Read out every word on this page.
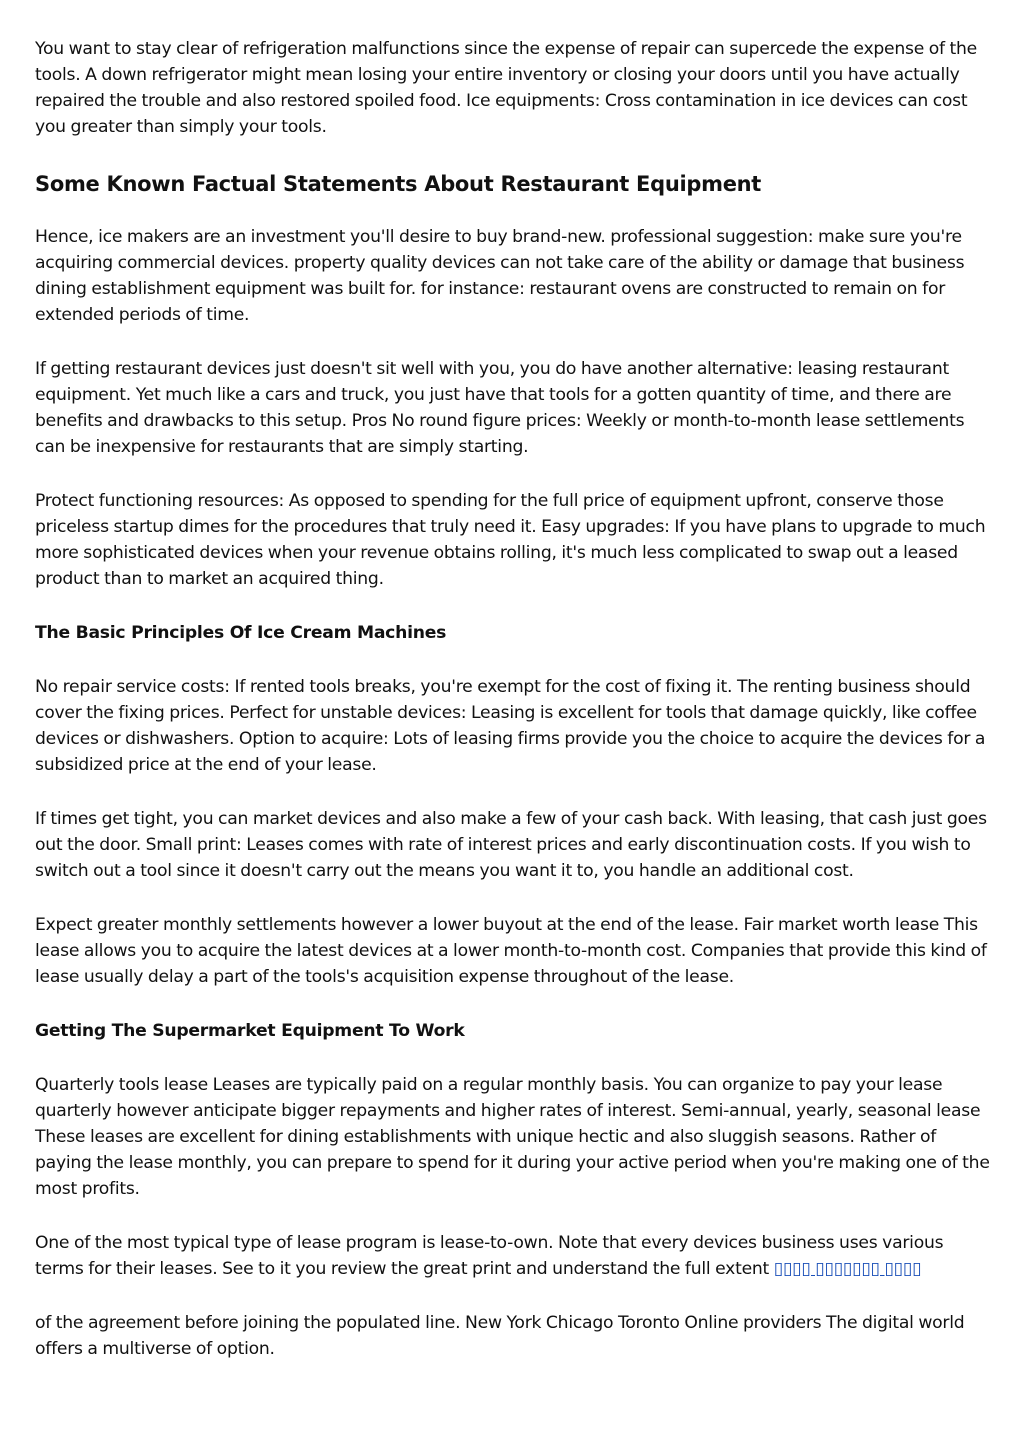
You want to stay clear of refrigeration malfunctions since the expense of repair can supercede the expense of the tools. A down refrigerator might mean losing your entire inventory or closing your doors until you have actually repaired the trouble and also restored spoiled food. Ice equipments: Cross contamination in ice devices can cost you greater than simply your tools.

Some Known Factual Statements About Restaurant Equipment

Hence, ice makers are an investment you'll desire to buy brand-new. professional suggestion: make sure you're acquiring commercial devices. property quality devices can not take care of the ability or damage that business dining establishment equipment was built for. for instance: restaurant ovens are constructed to remain on for extended periods of time.

If getting restaurant devices just doesn't sit well with you, you do have another alternative: leasing restaurant equipment. Yet much like a cars and truck, you just have that tools for a gotten quantity of time, and there are benefits and drawbacks to this setup. Pros No round figure prices: Weekly or month-to-month lease settlements can be inexpensive for restaurants that are simply starting.

Protect functioning resources: As opposed to spending for the full price of equipment upfront, conserve those priceless startup dimes for the procedures that truly need it. Easy upgrades: If you have plans to upgrade to much more sophisticated devices when your revenue obtains rolling, it's much less complicated to swap out a leased product than to market an acquired thing.

The Basic Principles Of Ice Cream Machines

No repair service costs: If rented tools breaks, you're exempt for the cost of fixing it. The renting business should cover the fixing prices. Perfect for unstable devices: Leasing is excellent for tools that damage quickly, like coffee devices or dishwashers. Option to acquire: Lots of leasing firms provide you the choice to acquire the devices for a subsidized price at the end of your lease.

If times get tight, you can market devices and also make a few of your cash back. With leasing, that cash just goes out the door. Small print: Leases comes with rate of interest prices and early discontinuation costs. If you wish to switch out a tool since it doesn't carry out the means you want it to, you handle an additional cost.

Expect greater monthly settlements however a lower buyout at the end of the lease. Fair market worth lease This lease allows you to acquire the latest devices at a lower month-to-month cost. Companies that provide this kind of lease usually delay a part of the tools's acquisition expense throughout of the lease.

Getting The Supermarket Equipment To Work

Quarterly tools lease Leases are typically paid on a regular monthly basis. You can organize to pay your lease quarterly however anticipate bigger repayments and higher rates of interest. Semi-annual, yearly, seasonal lease These leases are excellent for dining establishments with unique hectic and also sluggish seasons. Rather of paying the lease monthly, you can prepare to spend for it during your active period when you're making one of the most profits.

One of the most typical type of lease program is lease-to-own. Note that every devices business uses various terms for their leases. See to it you review the great print and understand the full extent ▯▯▯▯ ▯▯▯▯▯▯▯ ▯▯▯▯

of the agreement before joining the populated line. New York Chicago Toronto Online providers The digital world offers a multiverse of option.
